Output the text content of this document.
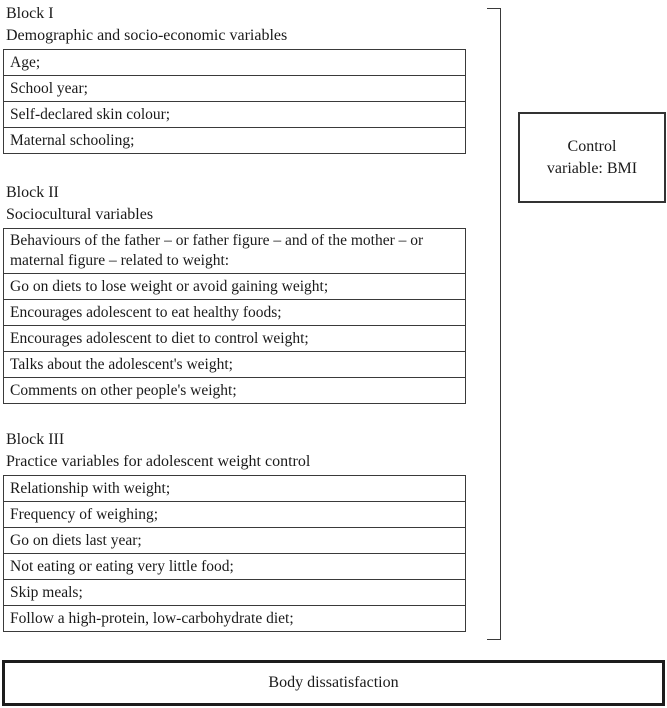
Block I
Demographic and socio-economic variables
Age;
School year;
Self-declared skin colour;
Maternal schooling;
Block II
Sociocultural variables
Behaviours of the father – or father figure – and of the mother – or maternal figure – related to weight:
Go on diets to lose weight or avoid gaining weight;
Encourages adolescent to eat healthy foods;
Encourages adolescent to diet to control weight;
Talks about the adolescent's weight;
Comments on other people's weight;
Block III
Practice variables for adolescent weight control
Relationship with weight;
Frequency of weighing;
Go on diets last year;
Not eating or eating very little food;
Skip meals;
Follow a high-protein, low-carbohydrate diet;
Control variable: BMI
Body dissatisfaction
